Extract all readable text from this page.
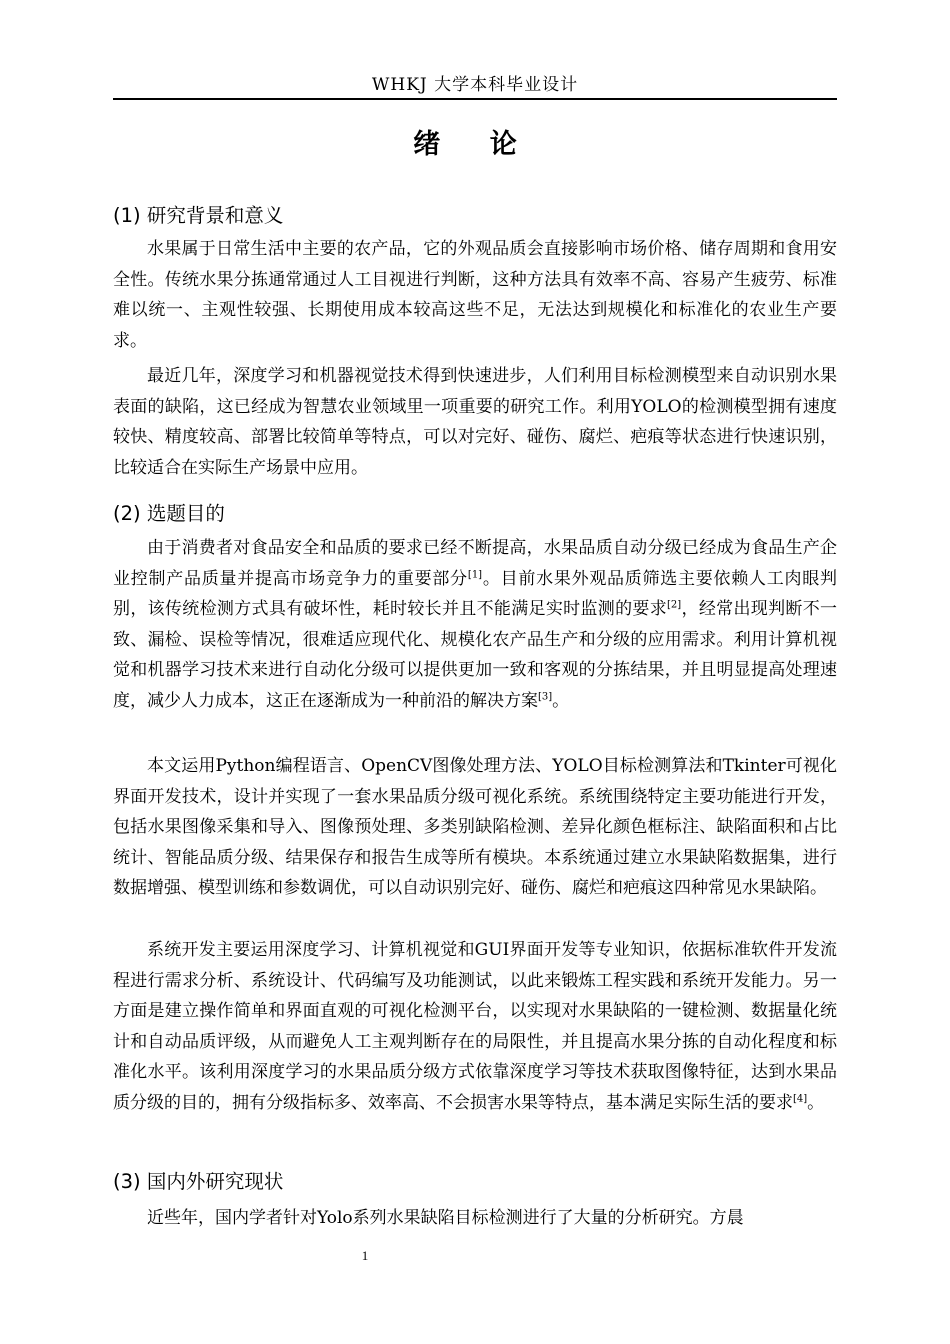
WHKJ 大学本科毕业设计
绪 论
(1) 研究背景和意义

水果属于日常生活中主要的农产品，它的外观品质会直接影响市场价格、储存周期和食用安全性。传统水果分拣通常通过人工目视进行判断，这种方法具有效率不高、容易产生疲劳、标准难以统一、主观性较强、长期使用成本较高这些不足，无法达到规模化和标准化的农业生产要求。

最近几年，深度学习和机器视觉技术得到快速进步，人们利用目标检测模型来自动识别水果表面的缺陷，这已经成为智慧农业领域里一项重要的研究工作。利用YOLO的检测模型拥有速度较快、精度较高、部署比较简单等特点，可以对完好、碰伤、腐烂、疤痕等状态进行快速识别，比较适合在实际生产场景中应用。

(2) 选题目的

由于消费者对食品安全和品质的要求已经不断提高，水果品质自动分级已经成为食品生产企业控制产品质量并提高市场竞争力的重要部分[1]。目前水果外观品质筛选主要依赖人工肉眼判别，该传统检测方式具有破坏性，耗时较长并且不能满足实时监测的要求[2]，经常出现判断不一致、漏检、误检等情况，很难适应现代化、规模化农产品生产和分级的应用需求。利用计算机视觉和机器学习技术来进行自动化分级可以提供更加一致和客观的分拣结果，并且明显提高处理速度，减少人力成本，这正在逐渐成为一种前沿的解决方案[3]。

本文运用Python编程语言、OpenCV图像处理方法、YOLO目标检测算法和Tkinter可视化界面开发技术，设计并实现了一套水果品质分级可视化系统。系统围绕特定主要功能进行开发，包括水果图像采集和导入、图像预处理、多类别缺陷检测、差异化颜色框标注、缺陷面积和占比统计、智能品质分级、结果保存和报告生成等所有模块。本系统通过建立水果缺陷数据集，进行数据增强、模型训练和参数调优，可以自动识别完好、碰伤、腐烂和疤痕这四种常见水果缺陷。

系统开发主要运用深度学习、计算机视觉和GUI界面开发等专业知识，依据标准软件开发流程进行需求分析、系统设计、代码编写及功能测试，以此来锻炼工程实践和系统开发能力。另一方面是建立操作简单和界面直观的可视化检测平台，以实现对水果缺陷的一键检测、数据量化统计和自动品质评级，从而避免人工主观判断存在的局限性，并且提高水果分拣的自动化程度和标准化水平。该利用深度学习的水果品质分级方式依靠深度学习等技术获取图像特征，达到水果品质分级的目的，拥有分级指标多、效率高、不会损害水果等特点，基本满足实际生活的要求[4]。

(3) 国内外研究现状

近些年，国内学者针对Yolo系列水果缺陷目标检测进行了大量的分析研究。方晨

1
